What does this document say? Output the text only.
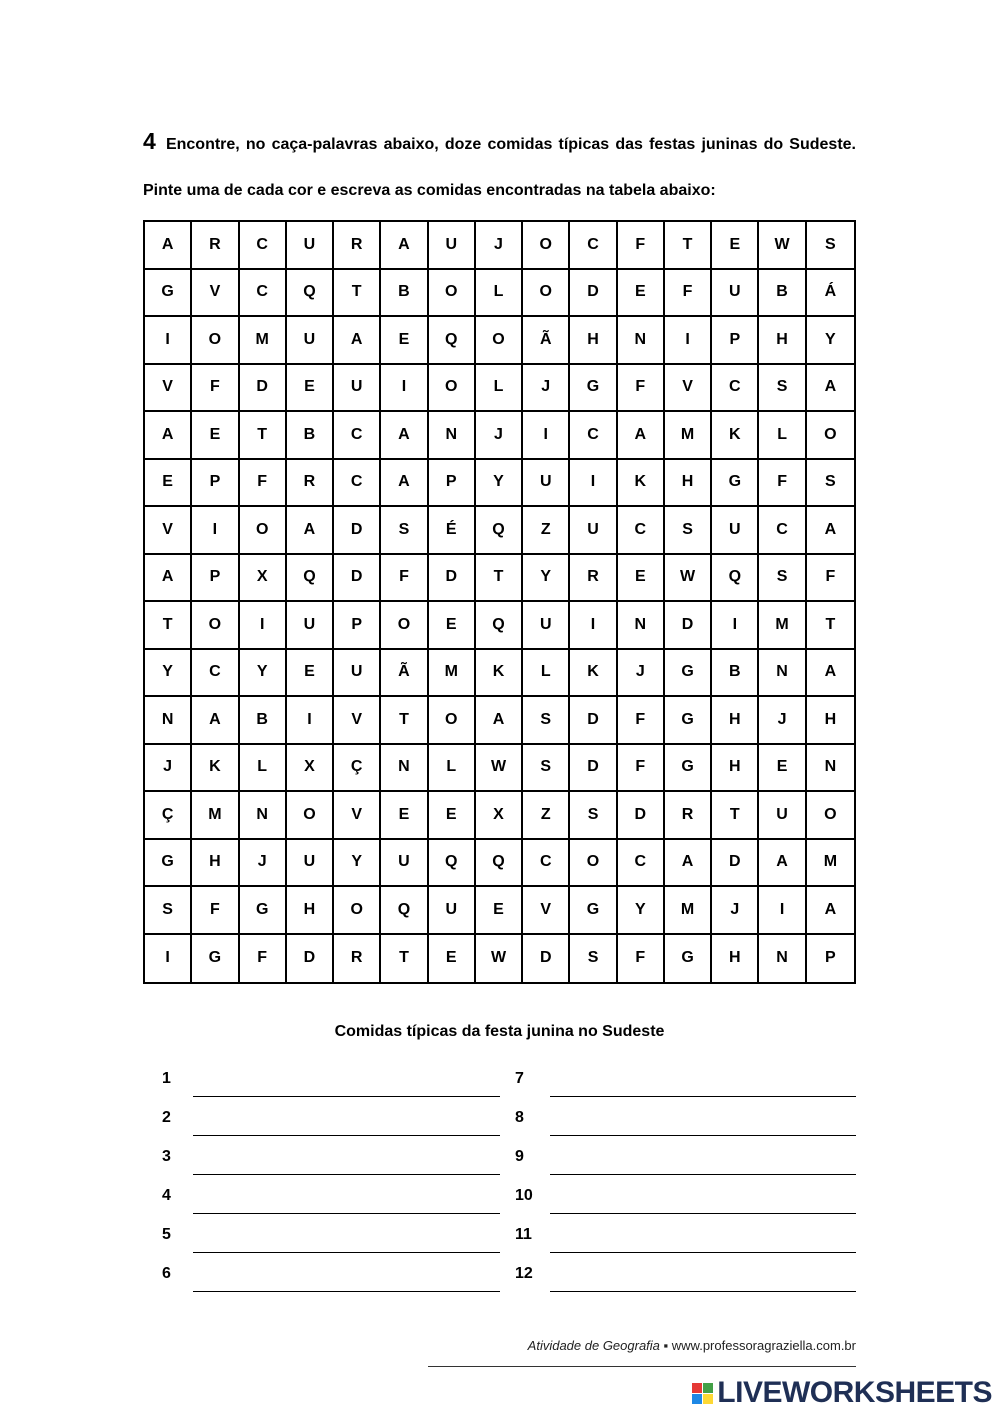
4 Encontre, no caça-palavras abaixo, doze comidas típicas das festas juninas do Sudeste. Pinte uma de cada cor e escreva as comidas encontradas na tabela abaixo:
A	R	C	U	R	A	U	J	O	C	F	T	E	W	S
G	V	C	Q	T	B	O	L	O	D	E	F	U	B	Á
I	O	M	U	A	E	Q	O	Ã	H	N	I	P	H	Y
V	F	D	E	U	I	O	L	J	G	F	V	C	S	A
A	E	T	B	C	A	N	J	I	C	A	M	K	L	O
E	P	F	R	C	A	P	Y	U	I	K	H	G	F	S
V	I	O	A	D	S	É	Q	Z	U	C	S	U	C	A
A	P	X	Q	D	F	D	T	Y	R	E	W	Q	S	F
T	O	I	U	P	O	E	Q	U	I	N	D	I	M	T
Y	C	Y	E	U	Ã	M	K	L	K	J	G	B	N	A
N	A	B	I	V	T	O	A	S	D	F	G	H	J	H
J	K	L	X	Ç	N	L	W	S	D	F	G	H	E	N
Ç	M	N	O	V	E	E	X	Z	S	D	R	T	U	O
G	H	J	U	Y	U	Q	Q	C	O	C	A	D	A	M
S	F	G	H	O	Q	U	E	V	G	Y	M	J	I	A
I	G	F	D	R	T	E	W	D	S	F	G	H	N	P
Comidas típicas da festa junina no Sudeste
1
2
3
4
5
6
7
8
9
10
11
12
Atividade de Geografia ▪ www.professoragraziella.com.br
LIVEWORKSHEETS
